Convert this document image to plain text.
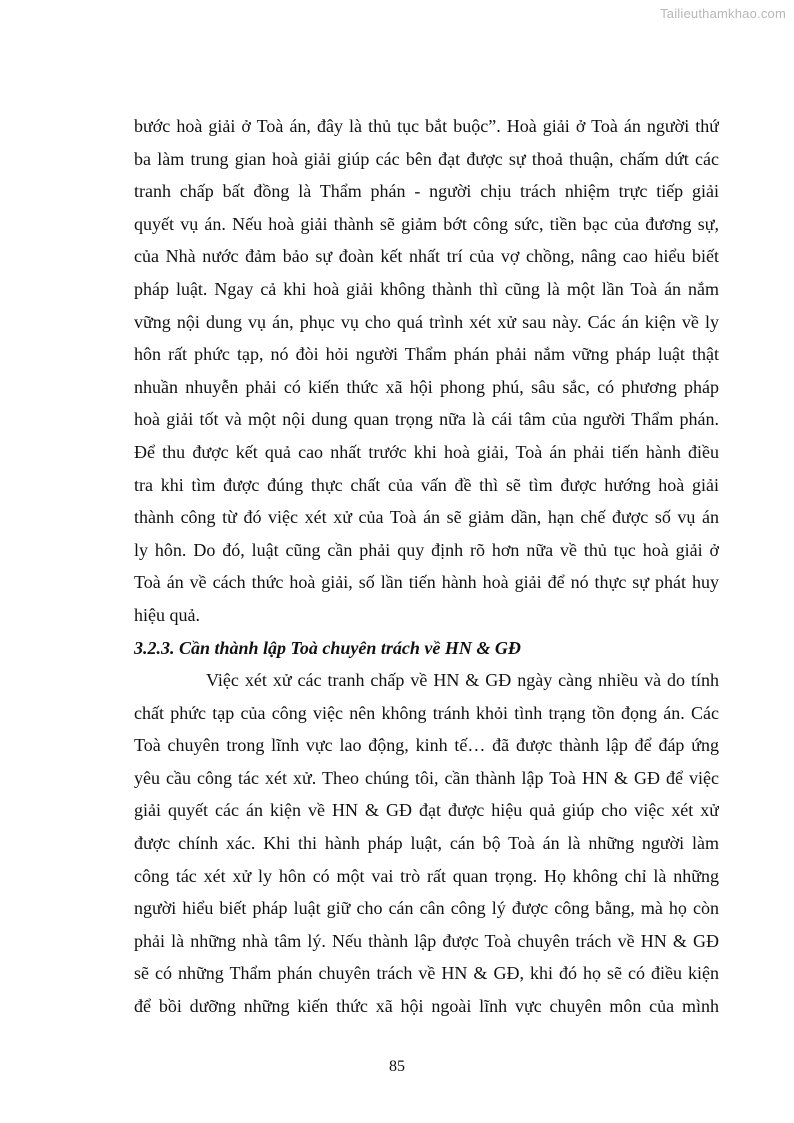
Tailieuthamkhao.com

bước hoà giải ở Toà án, đây là thủ tục bắt buộc”. Hoà giải ở Toà án người thứ
ba làm trung gian hoà giải giúp các bên đạt được sự thoả thuận, chấm dứt các
tranh chấp bất đồng là Thẩm phán - người chịu trách nhiệm trực tiếp giải
quyết vụ án. Nếu hoà giải thành sẽ giảm bớt công sức, tiền bạc của đương sự,
của Nhà nước đảm bảo sự đoàn kết nhất trí của vợ chồng, nâng cao hiểu biết
pháp luật. Ngay cả khi hoà giải không thành thì cũng là một lần Toà án nắm
vững nội dung vụ án, phục vụ cho quá trình xét xử sau này. Các án kiện về ly
hôn rất phức tạp, nó đòi hỏi người Thẩm phán phải nắm vững pháp luật thật
nhuần nhuyễn phải có kiến thức xã hội phong phú, sâu sắc, có phương pháp
hoà giải tốt và một nội dung quan trọng nữa là cái tâm của người Thẩm phán.
Để thu được kết quả cao nhất trước khi hoà giải, Toà án phải tiến hành điều
tra khi tìm được đúng thực chất của vấn đề thì sẽ tìm được hướng hoà giải
thành công từ đó việc xét xử của Toà án sẽ giảm dần, hạn chế được số vụ án
ly hôn. Do đó, luật cũng cần phải quy định rõ hơn nữa về thủ tục hoà giải ở
Toà án về cách thức hoà giải, số lần tiến hành hoà giải để nó thực sự phát huy
hiệu quả.

3.2.3. Cần thành lập Toà chuyên trách về HN & GĐ

Việc xét xử các tranh chấp về HN & GĐ ngày càng nhiều và do tính
chất phức tạp của công việc nên không tránh khỏi tình trạng tồn đọng án. Các
Toà chuyên trong lĩnh vực lao động, kinh tế… đã được thành lập để đáp ứng
yêu cầu công tác xét xử. Theo chúng tôi, cần thành lập Toà HN & GĐ để việc
giải quyết các án kiện về HN & GĐ đạt được hiệu quả giúp cho việc xét xử
được chính xác. Khi thi hành pháp luật, cán bộ Toà án là những người làm
công tác xét xử ly hôn có một vai trò rất quan trọng. Họ không chỉ là những
người hiểu biết pháp luật giữ cho cán cân công lý được công bằng, mà họ còn
phải là những nhà tâm lý. Nếu thành lập được Toà chuyên trách về HN & GĐ
sẽ có những Thẩm phán chuyên trách về HN & GĐ, khi đó họ sẽ có điều kiện
để bồi dưỡng những kiến thức xã hội ngoài lĩnh vực chuyên môn của mình

85
